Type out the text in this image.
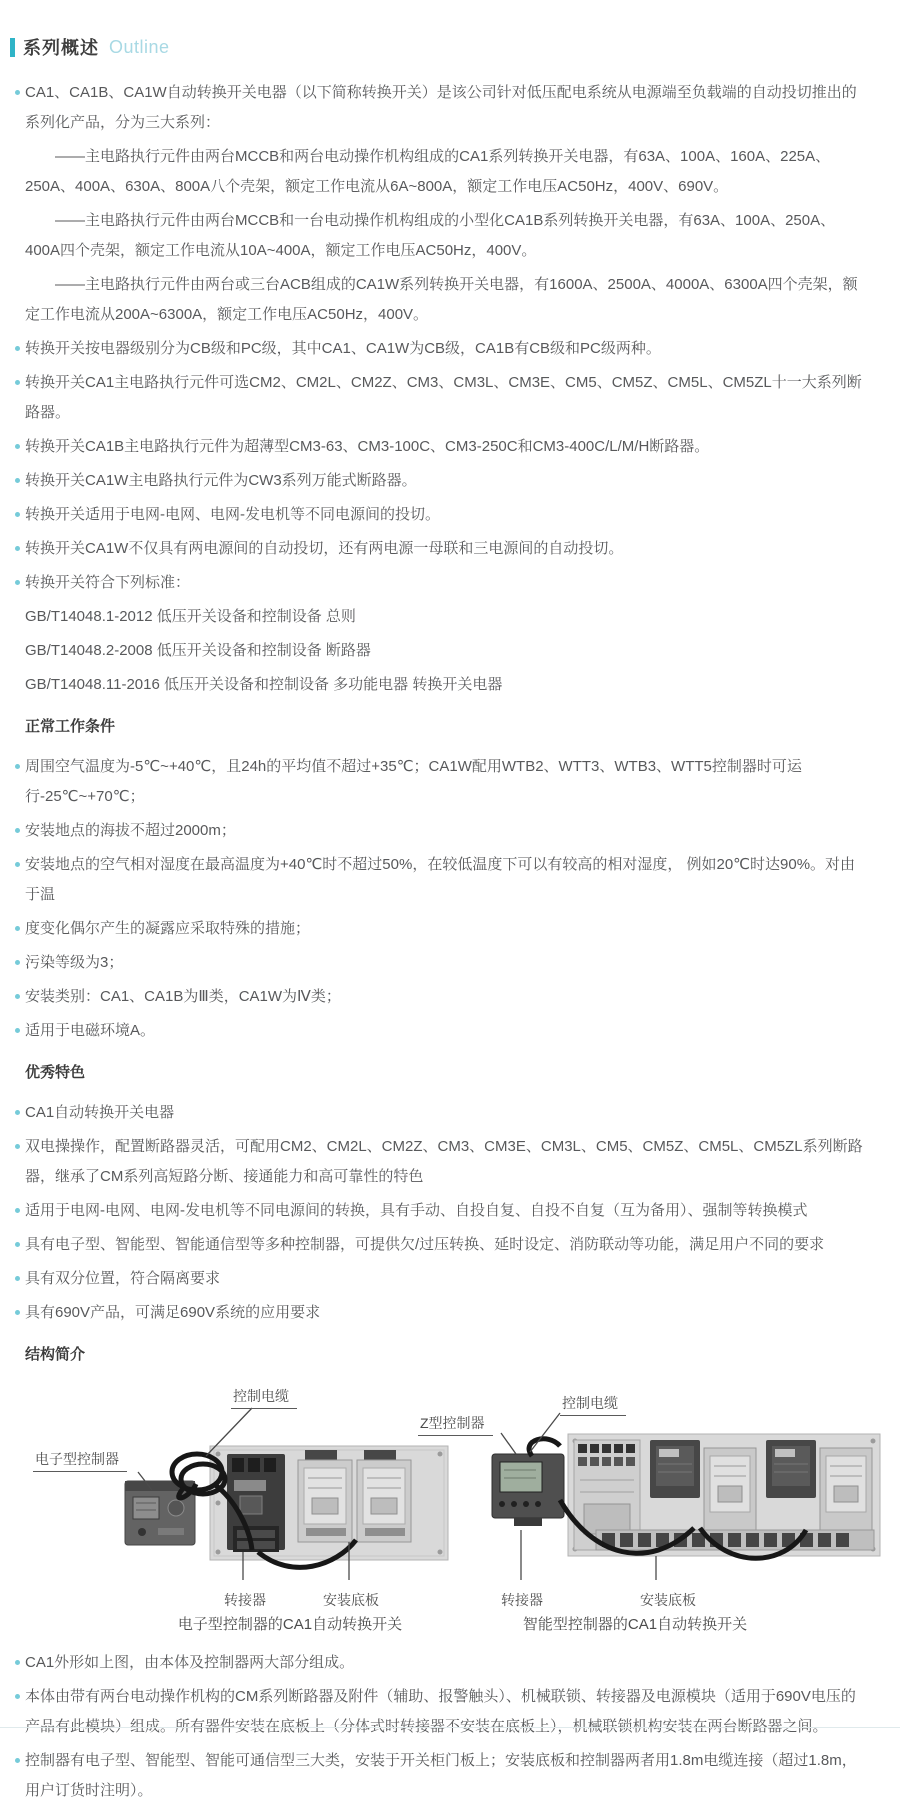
系列概述 Outline
CA1、CA1B、CA1W自动转换开关电器（以下简称转换开关）是该公司针对低压配电系统从电源端至负载端的自动投切推出的系列化产品，分为三大系列：

——主电路执行元件由两台MCCB和两台电动操作机构组成的CA1系列转换开关电器，有63A、100A、160A、225A、250A、400A、630A、800A八个壳架，额定工作电流从6A~800A，额定工作电压AC50Hz，400V、690V。

——主电路执行元件由两台MCCB和一台电动操作机构组成的小型化CA1B系列转换开关电器，有63A、100A、250A、400A四个壳架，额定工作电流从10A~400A，额定工作电压AC50Hz，400V。

——主电路执行元件由两台或三台ACB组成的CA1W系列转换开关电器，有1600A、2500A、4000A、6300A四个壳架，额定工作电流从200A~6300A，额定工作电压AC50Hz，400V。

转换开关按电器级别分为CB级和PC级，其中CA1、CA1W为CB级，CA1B有CB级和PC级两种。
转换开关CA1主电路执行元件可选CM2、CM2L、CM2Z、CM3、CM3L、CM3E、CM5、CM5Z、CM5L、CM5ZL十一大系列断路器。
转换开关CA1B主电路执行元件为超薄型CM3-63、CM3-100C、CM3-250C和CM3-400C/L/M/H断路器。
转换开关CA1W主电路执行元件为CW3系列万能式断路器。
转换开关适用于电网-电网、电网-发电机等不同电源间的投切。
转换开关CA1W不仅具有两电源间的自动投切，还有两电源一母联和三电源间的自动投切。
转换开关符合下列标准：

GB/T14048.1-2012 低压开关设备和控制设备 总则

GB/T14048.2-2008 低压开关设备和控制设备 断路器

GB/T14048.11-2016 低压开关设备和控制设备 多功能电器 转换开关电器

正常工作条件
周围空气温度为-5℃~+40℃，且24h的平均值不超过+35℃；CA1W配用WTB2、WTT3、WTB3、WTT5控制器时可运行-25℃~+70℃；
安装地点的海拔不超过2000m；
安装地点的空气相对湿度在最高温度为+40℃时不超过50%，在较低温度下可以有较高的相对湿度， 例如20℃时达90%。对由于温
度变化偶尔产生的凝露应采取特殊的措施；
污染等级为3；
安装类别：CA1、CA1B为Ⅲ类，CA1W为Ⅳ类；
适用于电磁环境A。
优秀特色
CA1自动转换开关电器
双电操操作，配置断路器灵活，可配用CM2、CM2L、CM2Z、CM3、CM3E、CM3L、CM5、CM5Z、CM5L、CM5ZL系列断路器，继承了CM系列高短路分断、接通能力和高可靠性的特色
适用于电网-电网、电网-发电机等不同电源间的转换，具有手动、自投自复、自投不自复（互为备用）、强制等转换模式
具有电子型、智能型、智能通信型等多种控制器，可提供欠/过压转换、延时设定、消防联动等功能，满足用户不同的要求
具有双分位置，符合隔离要求
具有690V产品，可满足690V系统的应用要求
结构简介
控制电缆
电子型控制器
转接器	安装底板
电子型控制器的CA1自动转换开关
控制电缆
Z型控制器
转接器	安装底板
智能型控制器的CA1自动转换开关
CA1外形如上图，由本体及控制器两大部分组成。
本体由带有两台电动操作机构的CM系列断路器及附件（辅助、报警触头）、机械联锁、转接器及电源模块（适用于690V电压的产品有此模块）组成。所有器件安装在底板上（分体式时转接器不安装在底板上），机械联锁机构安装在两台断路器之间。
控制器有电子型、智能型、智能可通信型三大类，安装于开关柜门板上；安装底板和控制器两者用1.8m电缆连接（超过1.8m，用户订货时注明）。
